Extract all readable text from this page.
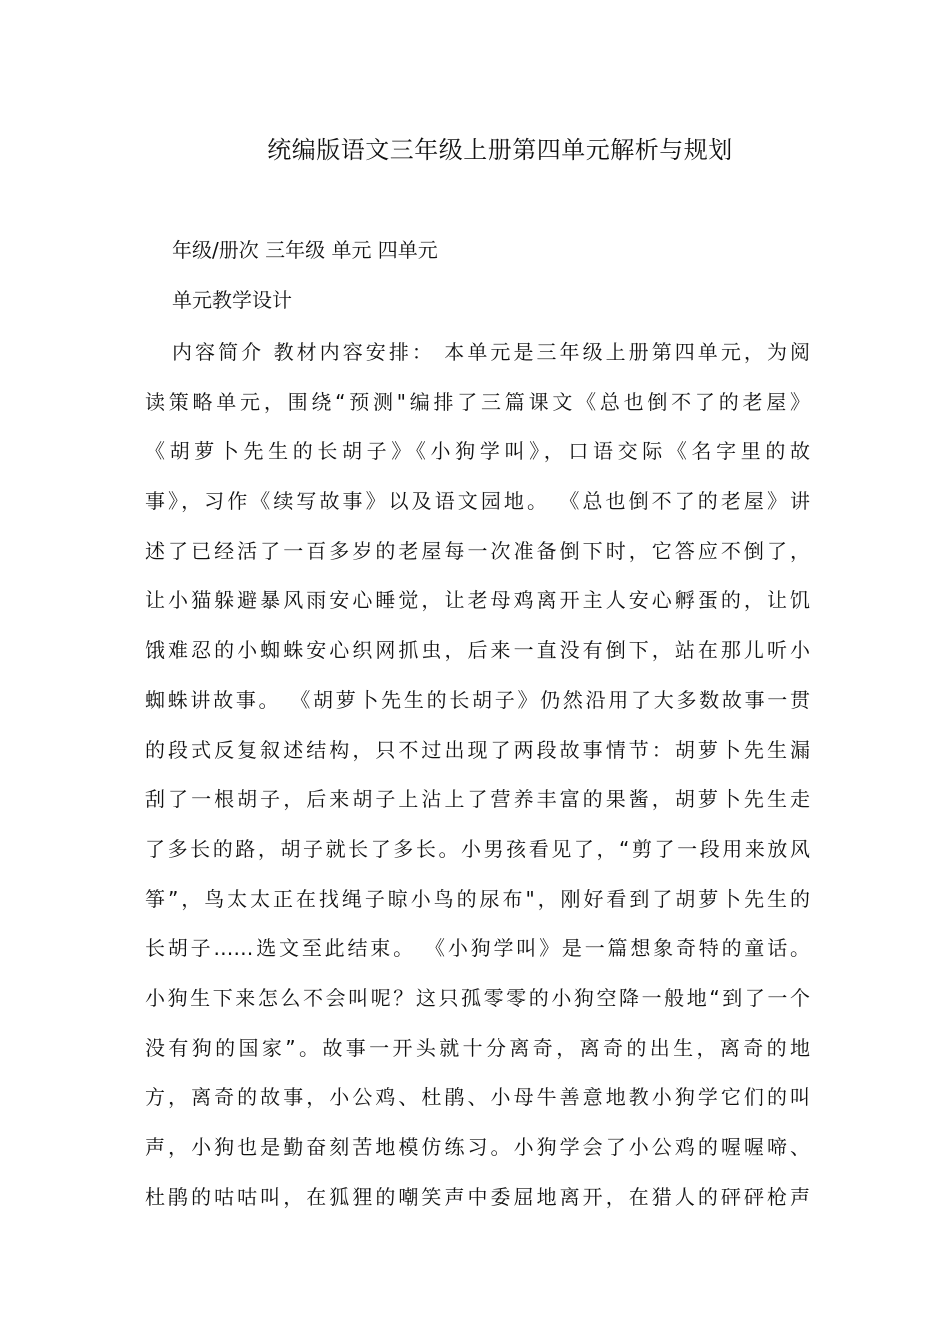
统编版语文三年级上册第四单元解析与规划

年级/册次 三年级 单元 四单元

单元教学设计

内容简介 教材内容安排： 本单元是三年级上册第四单元，为阅

读策略单元，围绕“预测"编排了三篇课文《总也倒不了的老屋》

《胡萝卜先生的长胡子》《小狗学叫》，口语交际《名字里的故

事》，习作《续写故事》以及语文园地。 《总也倒不了的老屋》讲

述了已经活了一百多岁的老屋每一次准备倒下时，它答应不倒了，

让小猫躲避暴风雨安心睡觉，让老母鸡离开主人安心孵蛋的，让饥

饿难忍的小蜘蛛安心织网抓虫，后来一直没有倒下，站在那儿听小

蜘蛛讲故事。 《胡萝卜先生的长胡子》仍然沿用了大多数故事一贯

的段式反复叙述结构，只不过出现了两段故事情节：胡萝卜先生漏

刮了一根胡子，后来胡子上沾上了营养丰富的果酱，胡萝卜先生走

了多长的路，胡子就长了多长。小男孩看见了，“剪了一段用来放风

筝”，鸟太太正在找绳子晾小鸟的尿布"，刚好看到了胡萝卜先生的

长胡子……选文至此结束。 《小狗学叫》是一篇想象奇特的童话。

小狗生下来怎么不会叫呢？这只孤零零的小狗空降一般地“到了一个

没有狗的国家”。故事一开头就十分离奇，离奇的出生，离奇的地

方，离奇的故事，小公鸡、杜鹃、小母牛善意地教小狗学它们的叫

声，小狗也是勤奋刻苦地模仿练习。小狗学会了小公鸡的喔喔啼、

杜鹃的咕咕叫，在狐狸的嘲笑声中委屈地离开，在猎人的砰砰枪声
